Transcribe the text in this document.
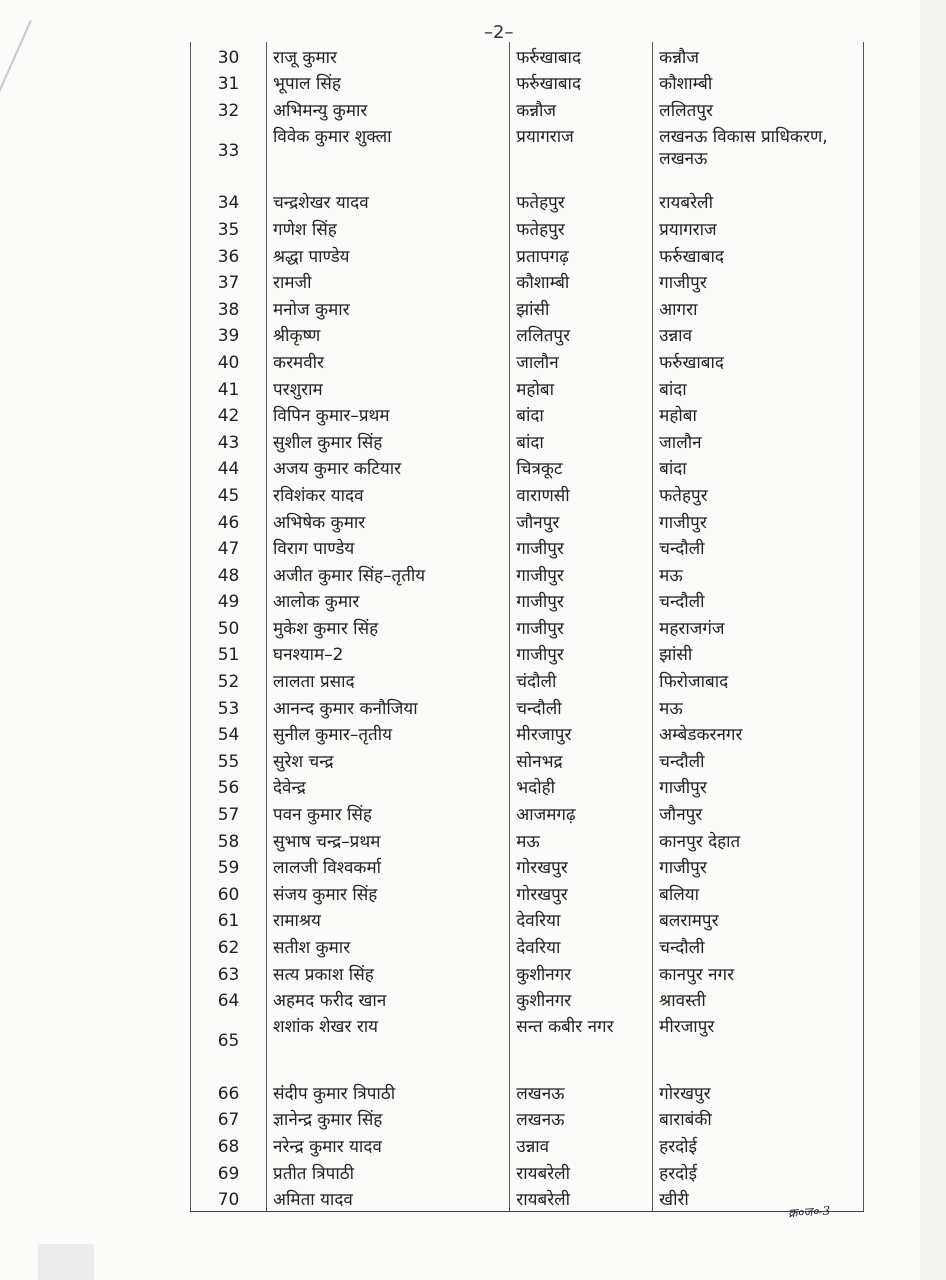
–2–
30	राजू कुमार	फर्रुखाबाद	कन्नौज
31	भूपाल सिंह	फर्रुखाबाद	कौशाम्बी
32	अभिमन्यु कुमार	कन्नौज	ललितपुर
33	विवेक कुमार शुक्ला	प्रयागराज	लखनऊ विकास प्राधिकरण, लखनऊ
34	चन्द्रशेखर यादव	फतेहपुर	रायबरेली
35	गणेश सिंह	फतेहपुर	प्रयागराज
36	श्रद्धा पाण्डेय	प्रतापगढ़	फर्रुखाबाद
37	रामजी	कौशाम्बी	गाजीपुर
38	मनोज कुमार	झांसी	आगरा
39	श्रीकृष्ण	ललितपुर	उन्नाव
40	करमवीर	जालौन	फर्रुखाबाद
41	परशुराम	महोबा	बांदा
42	विपिन कुमार–प्रथम	बांदा	महोबा
43	सुशील कुमार सिंह	बांदा	जालौन
44	अजय कुमार कटियार	चित्रकूट	बांदा
45	रविशंकर यादव	वाराणसी	फतेहपुर
46	अभिषेक कुमार	जौनपुर	गाजीपुर
47	विराग पाण्डेय	गाजीपुर	चन्दौली
48	अजीत कुमार सिंह–तृतीय	गाजीपुर	मऊ
49	आलोक कुमार	गाजीपुर	चन्दौली
50	मुकेश कुमार सिंह	गाजीपुर	महराजगंज
51	घनश्याम–2	गाजीपुर	झांसी
52	लालता प्रसाद	चंदौली	फिरोजाबाद
53	आनन्द कुमार कनौजिया	चन्दौली	मऊ
54	सुनील कुमार–तृतीय	मीरजापुर	अम्बेडकरनगर
55	सुरेश चन्द्र	सोनभद्र	चन्दौली
56	देवेन्द्र	भदोही	गाजीपुर
57	पवन कुमार सिंह	आजमगढ़	जौनपुर
58	सुभाष चन्द्र–प्रथम	मऊ	कानपुर देहात
59	लालजी विश्वकर्मा	गोरखपुर	गाजीपुर
60	संजय कुमार सिंह	गोरखपुर	बलिया
61	रामाश्रय	देवरिया	बलरामपुर
62	सतीश कुमार	देवरिया	चन्दौली
63	सत्य प्रकाश सिंह	कुशीनगर	कानपुर नगर
64	अहमद फरीद खान	कुशीनगर	श्रावस्ती
65	शशांक शेखर राय	सन्त कबीर नगर	मीरजापुर
66	संदीप कुमार त्रिपाठी	लखनऊ	गोरखपुर
67	ज्ञानेन्द्र कुमार सिंह	लखनऊ	बाराबंकी
68	नरेन्द्र कुमार यादव	उन्नाव	हरदोई
69	प्रतीत त्रिपाठी	रायबरेली	हरदोई
70	अमिता यादव	रायबरेली	खीरी
क्र०ज०-3
